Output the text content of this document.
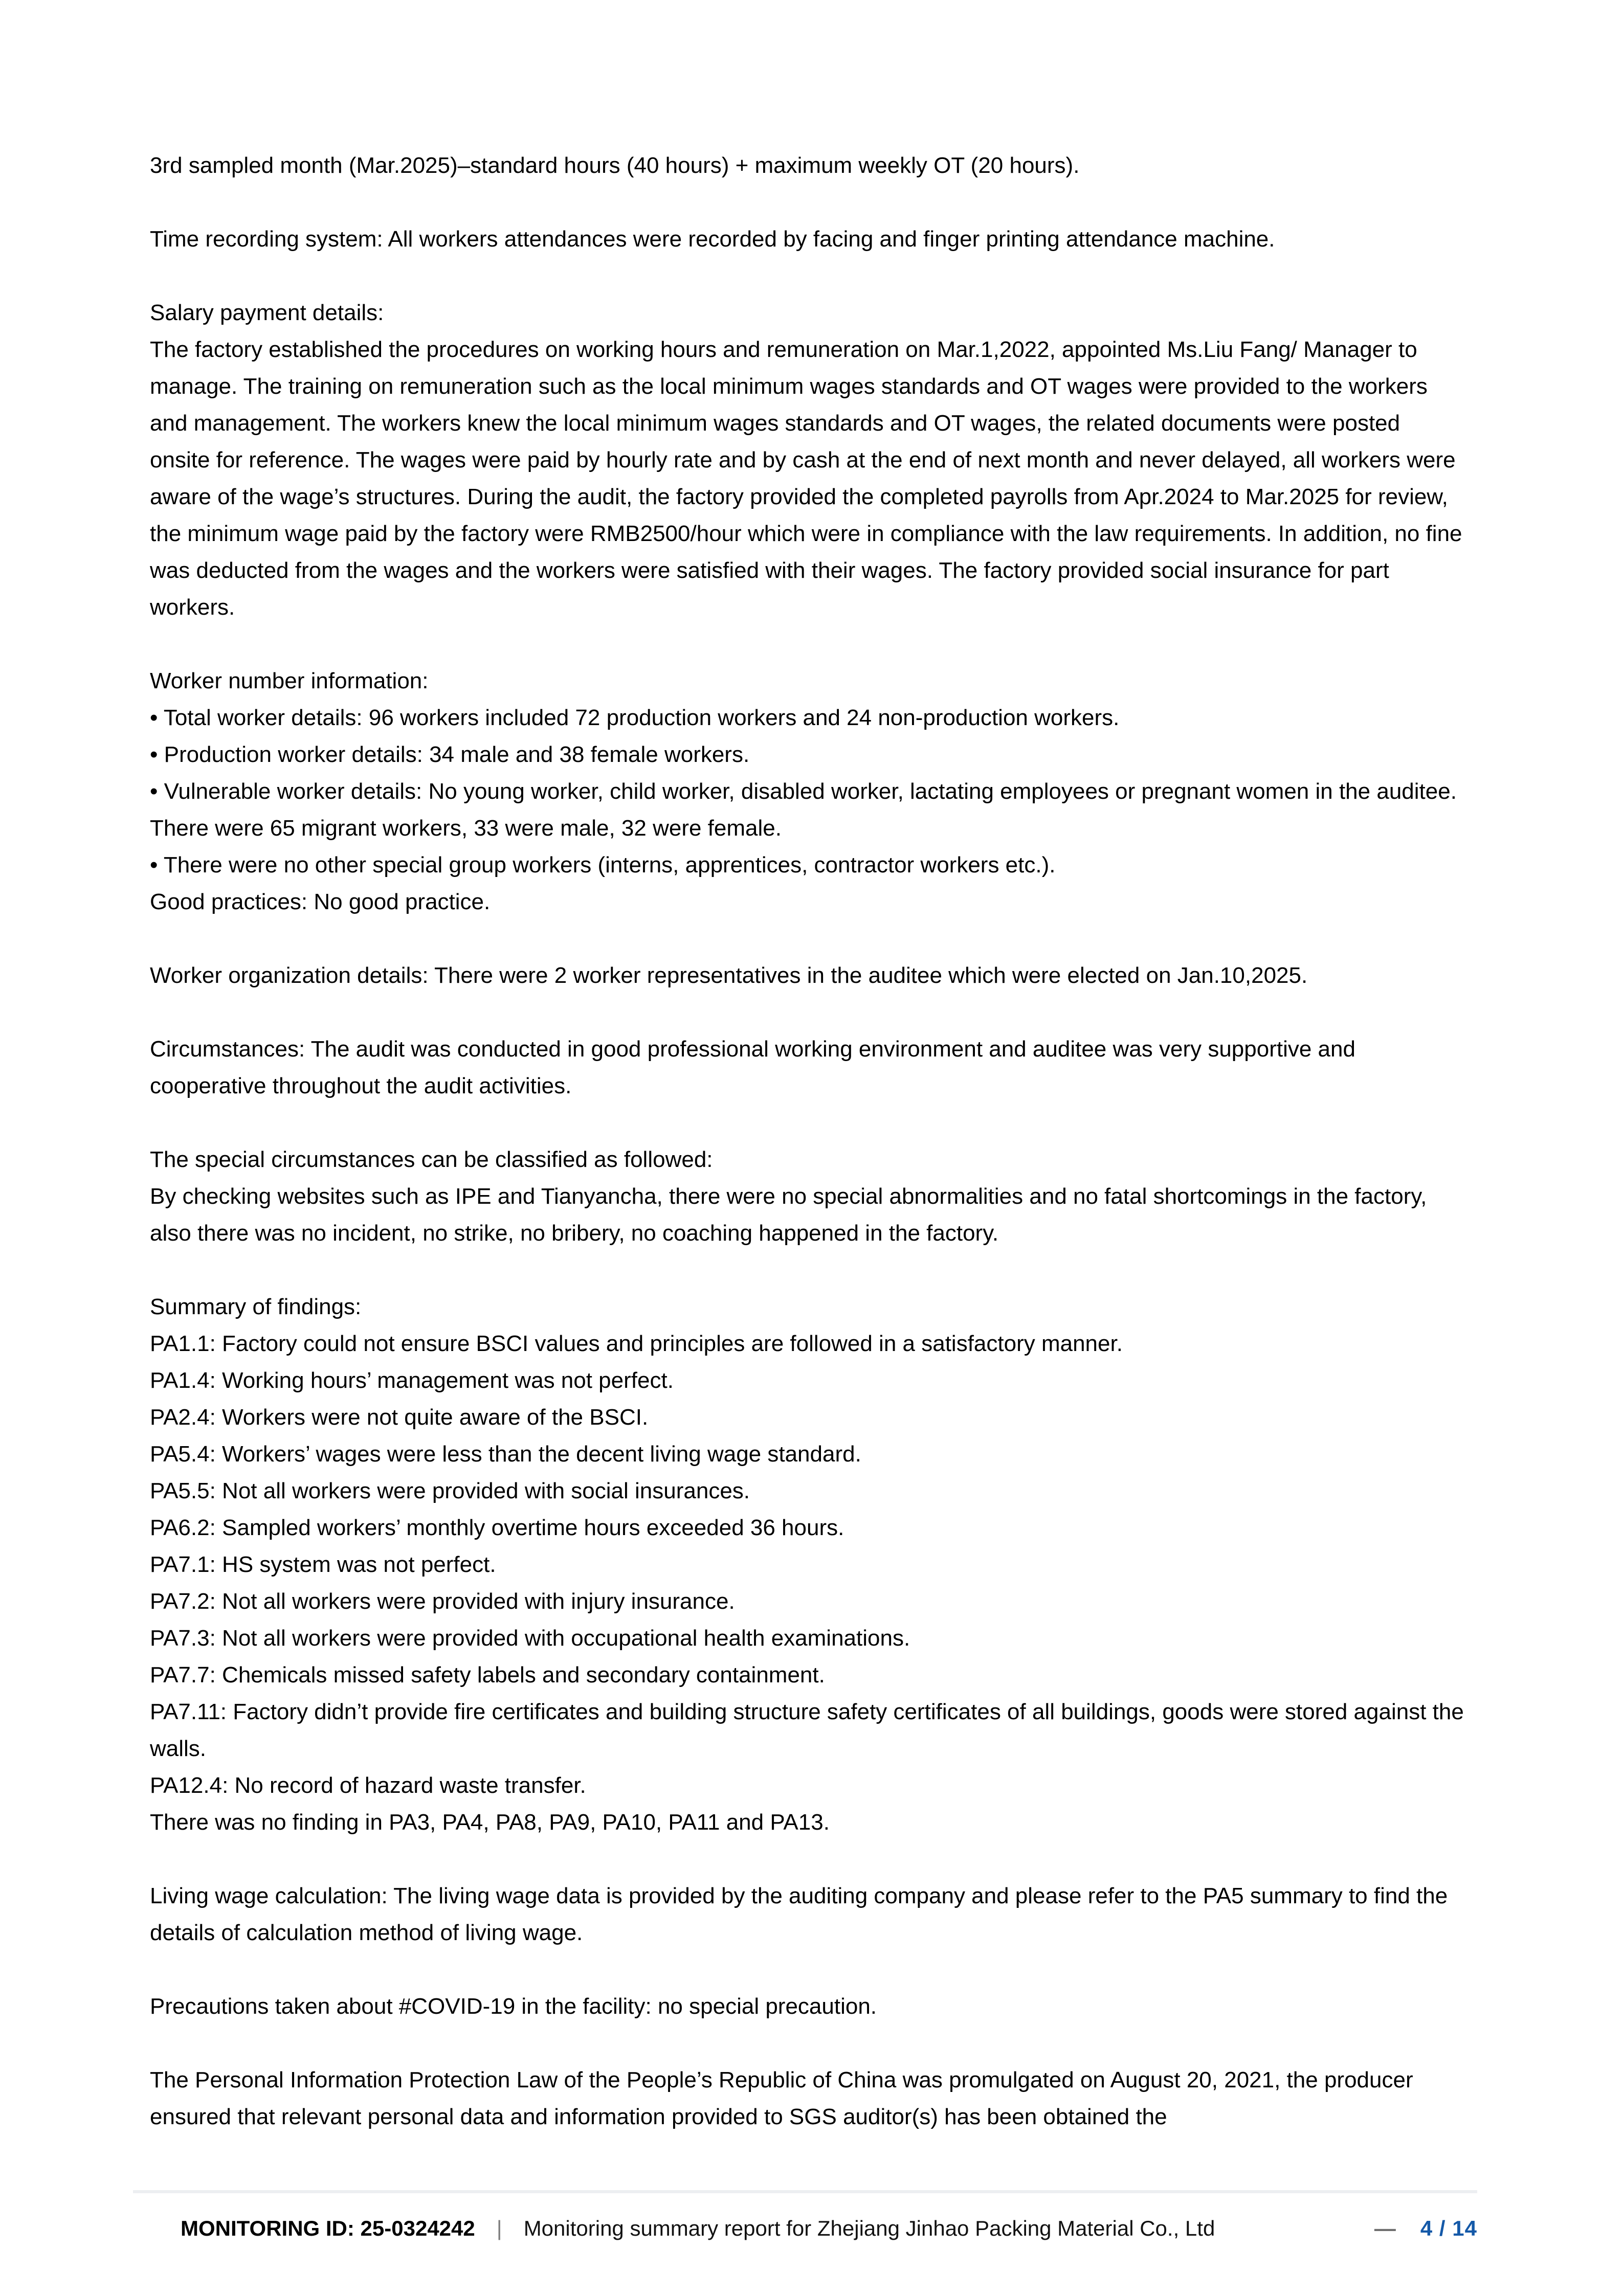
3rd sampled month (Mar.2025)–standard hours (40 hours) + maximum weekly OT (20 hours).

Time recording system: All workers attendances were recorded by facing and finger printing attendance machine.

Salary payment details:
The factory established the procedures on working hours and remuneration on Mar.1,2022, appointed Ms.Liu Fang/ Manager to manage. The training on remuneration such as the local minimum wages standards and OT wages were provided to the workers and management. The workers knew the local minimum wages standards and OT wages, the related documents were posted onsite for reference. The wages were paid by hourly rate and by cash at the end of next month and never delayed, all workers were aware of the wage’s structures. During the audit, the factory provided the completed payrolls from Apr.2024 to Mar.2025 for review, the minimum wage paid by the factory were RMB2500/hour which were in compliance with the law requirements. In addition, no fine was deducted from the wages and the workers were satisfied with their wages. The factory provided social insurance for part workers.

Worker number information:
• Total worker details: 96 workers included 72 production workers and 24 non-production workers.
• Production worker details: 34 male and 38 female workers.
• Vulnerable worker details: No young worker, child worker, disabled worker, lactating employees or pregnant women in the auditee. There were 65 migrant workers, 33 were male, 32 were female.
• There were no other special group workers (interns, apprentices, contractor workers etc.).
Good practices: No good practice.

Worker organization details: There were 2 worker representatives in the auditee which were elected on Jan.10,2025.

Circumstances: The audit was conducted in good professional working environment and auditee was very supportive and cooperative throughout the audit activities.

The special circumstances can be classified as followed:
By checking websites such as IPE and Tianyancha, there were no special abnormalities and no fatal shortcomings in the factory, also there was no incident, no strike, no bribery, no coaching happened in the factory.

Summary of findings:
PA1.1: Factory could not ensure BSCI values and principles are followed in a satisfactory manner.
PA1.4: Working hours’ management was not perfect.
PA2.4: Workers were not quite aware of the BSCI.
PA5.4: Workers’ wages were less than the decent living wage standard.
PA5.5: Not all workers were provided with social insurances.
PA6.2: Sampled workers’ monthly overtime hours exceeded 36 hours.
PA7.1: HS system was not perfect.
PA7.2: Not all workers were provided with injury insurance.
PA7.3: Not all workers were provided with occupational health examinations.
PA7.7: Chemicals missed safety labels and secondary containment.
PA7.11: Factory didn’t provide fire certificates and building structure safety certificates of all buildings, goods were stored against the walls.
PA12.4: No record of hazard waste transfer.
There was no finding in PA3, PA4, PA8, PA9, PA10, PA11 and PA13.

Living wage calculation: The living wage data is provided by the auditing company and please refer to the PA5 summary to find the details of calculation method of living wage.

Precautions taken about #COVID-19 in the facility: no special precaution.

The Personal Information Protection Law of the People’s Republic of China was promulgated on August 20, 2021, the producer ensured that relevant personal data and information provided to SGS auditor(s) has been obtained the

MONITORING ID: 25-0324242 | Monitoring summary report for Zhejiang Jinhao Packing Material Co., Ltd	— 4 / 14
